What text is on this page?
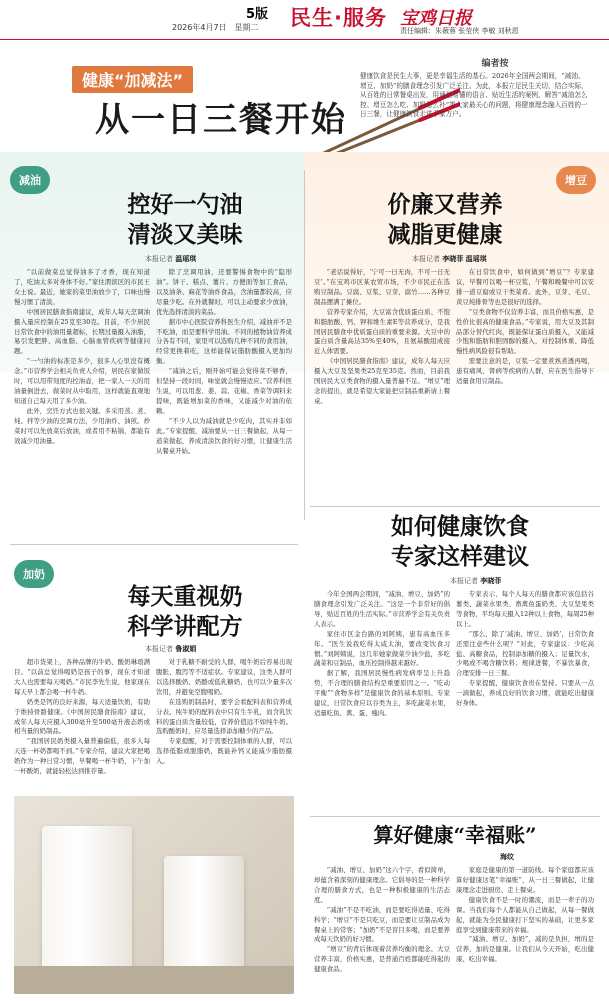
5版
2026年4月7日　星期二 民生·服务 宝鸡日报
责任编辑：朱薇蓉 张莹侠 李敏 刘秋恩
健康“加减法”
从一日三餐开始
编者按
健康饮食是民生大事，更是幸福生活的基石。2026年全国两会期间，“减油、增豆、加奶”的膳食理念引发广泛关注。为此，本报立足民生关切，结合实际，从百姓的日常餐桌出发，用通俗易懂的语言、贴近生活的案例，解答“减油怎么控、增豆怎么吃、加奶怎么补”等大家最关心的问题，将健康理念融入百姓的一日三餐，让健康饮食走进千家万户。
减油
控好一勺油
清淡又美味
本报记者 温瑶琪

“以前做菜总觉得油多了才香，现在知道了，吃油太多对身体不好。”家住渭滨区的市民王女士说。最近，她家的菜里油放少了，口味也慢慢习惯了清淡。

中国居民膳食指南建议，成年人每天烹调油摄入量应控制在25克至30克。目前，不少居民日常饮食中的油用量超标，长期过量摄入油脂，易引发肥胖、高血脂、心脑血管疾病等健康问题。

“一勺油的标准是多少，很多人心里没有概念。”市营养学会相关负责人介绍，居民在家做饭时，可以用带刻度的控油壶，把一家人一天的用油量倒进去，做菜时从中取用，这样就能直观地知道自己每天用了多少油。

此外，烹饪方式也很关键。多采用蒸、煮、炖、拌等少油的烹调方法，少用油炸、油煎。炒菜时可以先放菜后放油，或者用不粘锅，都能有效减少用油量。

除了烹调用油，还要警惕食物中的“隐形油”。饼干、糕点、薯片、方便面等加工食品，以及油条、麻花等油炸食品，含油量都较高，应尽量少吃。在外就餐时，可以主动要求少放油，优先选择清淡的菜品。

据市中心医院营养科医生介绍，减油并不是不吃油，而是要科学用油。不同的植物油营养成分各有不同，家里可以选购几种不同的食用油，经常更换着吃，这样能保证脂肪酸摄入更加均衡。

“减油之后，刚开始可能会觉得菜不够香，但坚持一段时间，味觉就会慢慢适应。”营养科医生说，可以用葱、姜、蒜、花椒、香菜等调料来提味，既能增加菜的香味，又能减少对油的依赖。

“不少人以为减油就是少吃肉，其实并非如此。”专家提醒，减油要从一日三餐做起，从每一道菜做起，养成清淡饮食的好习惯，让健康生活从餐桌开始。

增豆
价廉又营养
减脂更健康
本报记者 李晓菲 温瑶琪

“老话说得好，‘宁可一日无肉，不可一日无豆’。”在宝鸡市区某农贸市场，不少市民正在选购豆制品。豆腐、豆浆、豆芽、腐竹……各种豆制品摆满了摊位。

营养专家介绍，大豆富含优质蛋白质、不饱和脂肪酸、钙、钾和维生素E等营养成分，是我国居民膳食中优质蛋白质的重要来源。大豆中的蛋白质含量高达35%至40%，且氨基酸组成接近人体需要。

《中国居民膳食指南》建议，成年人每天应摄入大豆及坚果类25克至35克。然而，目前我国居民大豆类食物的摄入量普遍不足。“增豆”理念的提出，就是希望大家能把豆制品重新请上餐桌。

在日常饮食中，如何做到“增豆”？专家建议，早餐可以喝一杯豆浆，午餐和晚餐中可以安排一道豆腐或豆干类菜肴。此外，豆芽、毛豆、黄豆炖排骨等也是很好的选择。

“豆类食物不仅营养丰富，而且价格实惠，是性价比很高的健康食品。”专家说，用大豆及其制品部分替代红肉，既能保证蛋白质摄入，又能减少饱和脂肪和胆固醇的摄入，对控制体重、降低慢性病风险很有帮助。

需要注意的是，豆浆一定要煮熟煮透再喝，患有痛风、肾病等疾病的人群，应在医生指导下适量食用豆制品。

如何健康饮食
专家这样建议
本报记者 李晓菲

今年全国两会期间，“减油、增豆、加奶”的膳食理念引发广泛关注。“这是一个非常好的倡导，贴近百姓的生活实际。”市营养学会有关负责人表示。

家住市区金台路的刘阿姨，患有高血压多年。“医生说我吃得太咸太油，要改变饮食习惯。”刘阿姨说，这几年她家做菜少油少盐，多吃蔬菜和豆制品，血压控制得越来越好。

据了解，我国居民慢性病发病率呈上升趋势，不合理的膳食结构是重要原因之一。“吃动平衡”“食物多样”是健康饮食的基本原则。专家建议，日常饮食应以谷类为主，多吃蔬菜水果，适量吃鱼、禽、蛋、瘦肉。

专家表示，每个人每天的膳食都应该包括谷薯类、蔬菜水果类、畜禽鱼蛋奶类、大豆坚果类等食物，平均每天摄入12种以上食物，每周25种以上。

“那么，除了‘减油、增豆、加奶’，日常饮食还需注意些什么呢？”对此，专家建议：少吃高盐、高糖食品，控制添加糖的摄入；足量饮水，少喝或不喝含糖饮料；规律进餐，不暴饮暴食，合理安排一日三餐。

专家提醒，健康饮食贵在坚持。只要从一点一滴做起，养成良好的饮食习惯，就能吃出健康好身体。

算好健康“幸福账”
海纹

“减油、增豆、加奶”这六个字，看似简单，却蕴含着深刻的健康理念。它倡导的是一种科学合理的膳食方式，也是一种积极健康的生活态度。

“减油”不是不吃油，而是要吃得适量、吃得科学；“增豆”不是只吃豆，而是要让豆制品成为餐桌上的常客；“加奶”不是盲目多喝，而是要养成每天饮奶的好习惯。

“增豆”的背后体现着营养均衡的理念。大豆营养丰富，价格实惠，是普通百姓都能吃得起的健康食品。

家庭是健康的第一道防线。每个家庭都应该算好健康这笔“幸福账”，从一日三餐做起，让健康理念走进厨房、走上餐桌。

健康饮食不是一时的潮流，而是一辈子的功课。当我们每个人都能从自己做起，从每一餐做起，就能为全民健康打下坚实的基础，让更多家庭享受到健康带来的幸福。

“减油、增豆、加奶”，减的是负担，增的是营养，加的是健康。让我们从今天开始，吃出健康、吃出幸福。

加奶
每天重视奶
科学讲配方
本报记者 鲁淑娟

超市货架上，各种品牌的牛奶、酸奶琳琅满目。“以前总觉得喝奶是孩子的事，现在才知道大人也需要每天喝奶。”市民李先生说，他家现在每天早上都会喝一杯牛奶。

奶类是钙的良好来源，每天适量饮奶，有助于维持骨骼健康。《中国居民膳食指南》建议，成年人每天应摄入300毫升至500毫升液态奶或相当量的奶制品。

“我国居民奶类摄入量普遍偏低，很多人每天连一杯奶都喝不到。”专家介绍，建议大家把喝奶作为一种日常习惯，早餐喝一杯牛奶，下午加一杯酸奶，就能轻松达到推荐量。

对于乳糖不耐受的人群，喝牛奶后容易出现腹胀、腹泻等不适症状。专家建议，这类人群可以选择酸奶、奶酪或低乳糖奶，也可以少量多次饮用，并避免空腹喝奶。

在选购奶制品时，要学会看配料表和营养成分表。纯牛奶的配料表中只有生牛乳，而含乳饮料的蛋白质含量较低，营养价值远不如纯牛奶。选购酸奶时，应尽量选择添加糖少的产品。

专家提醒，对于需要控制体重的人群，可以选择低脂或脱脂奶，既能补钙又能减少脂肪摄入。
